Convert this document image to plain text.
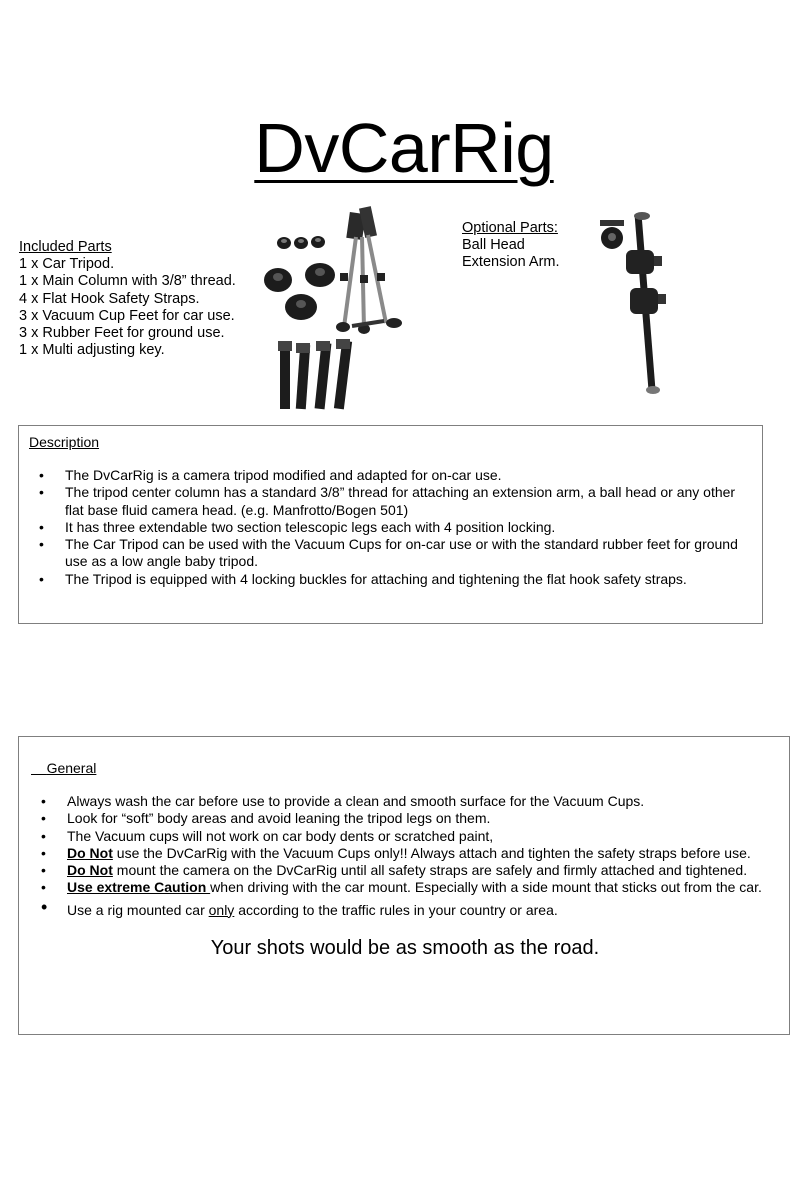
DvCarRig
Included Parts
1 x Car Tripod.
1 x Main Column with 3/8” thread.
4 x Flat Hook Safety Straps.
3 x Vacuum Cup Feet for car use.
3 x Rubber Feet for ground use.
1 x Multi adjusting key.
Optional Parts:
Ball Head
Extension Arm.
Description
• The DvCarRig is a camera tripod modified and adapted for on-car use.
• The tripod center column has a standard 3/8” thread for attaching an extension arm, a ball head or any other flat base fluid camera head. (e.g. Manfrotto/Bogen 501)
• It has three extendable two section telescopic legs each with 4 position locking.
• The Car Tripod can be used with the Vacuum Cups for on-car use or with the standard rubber feet for ground use as a low angle baby tripod.
• The Tripod is equipped with 4 locking buckles for attaching and tightening the flat hook safety straps.
General
• Always wash the car before use to provide a clean and smooth surface for the Vacuum Cups.
• Look for “soft” body areas and avoid leaning the tripod legs on them.
• The Vacuum cups will not work on car body dents or scratched paint,
• Do Not use the DvCarRig with the Vacuum Cups only!! Always attach and tighten the safety straps before use.
• Do Not mount the camera on the DvCarRig until all safety straps are safely and firmly attached and tightened.
• Use extreme Caution when driving with the car mount. Especially with a side mount that sticks out from the car.
• Use a rig mounted car only according to the traffic rules in your country or area.
Your shots would be as smooth as the road.
